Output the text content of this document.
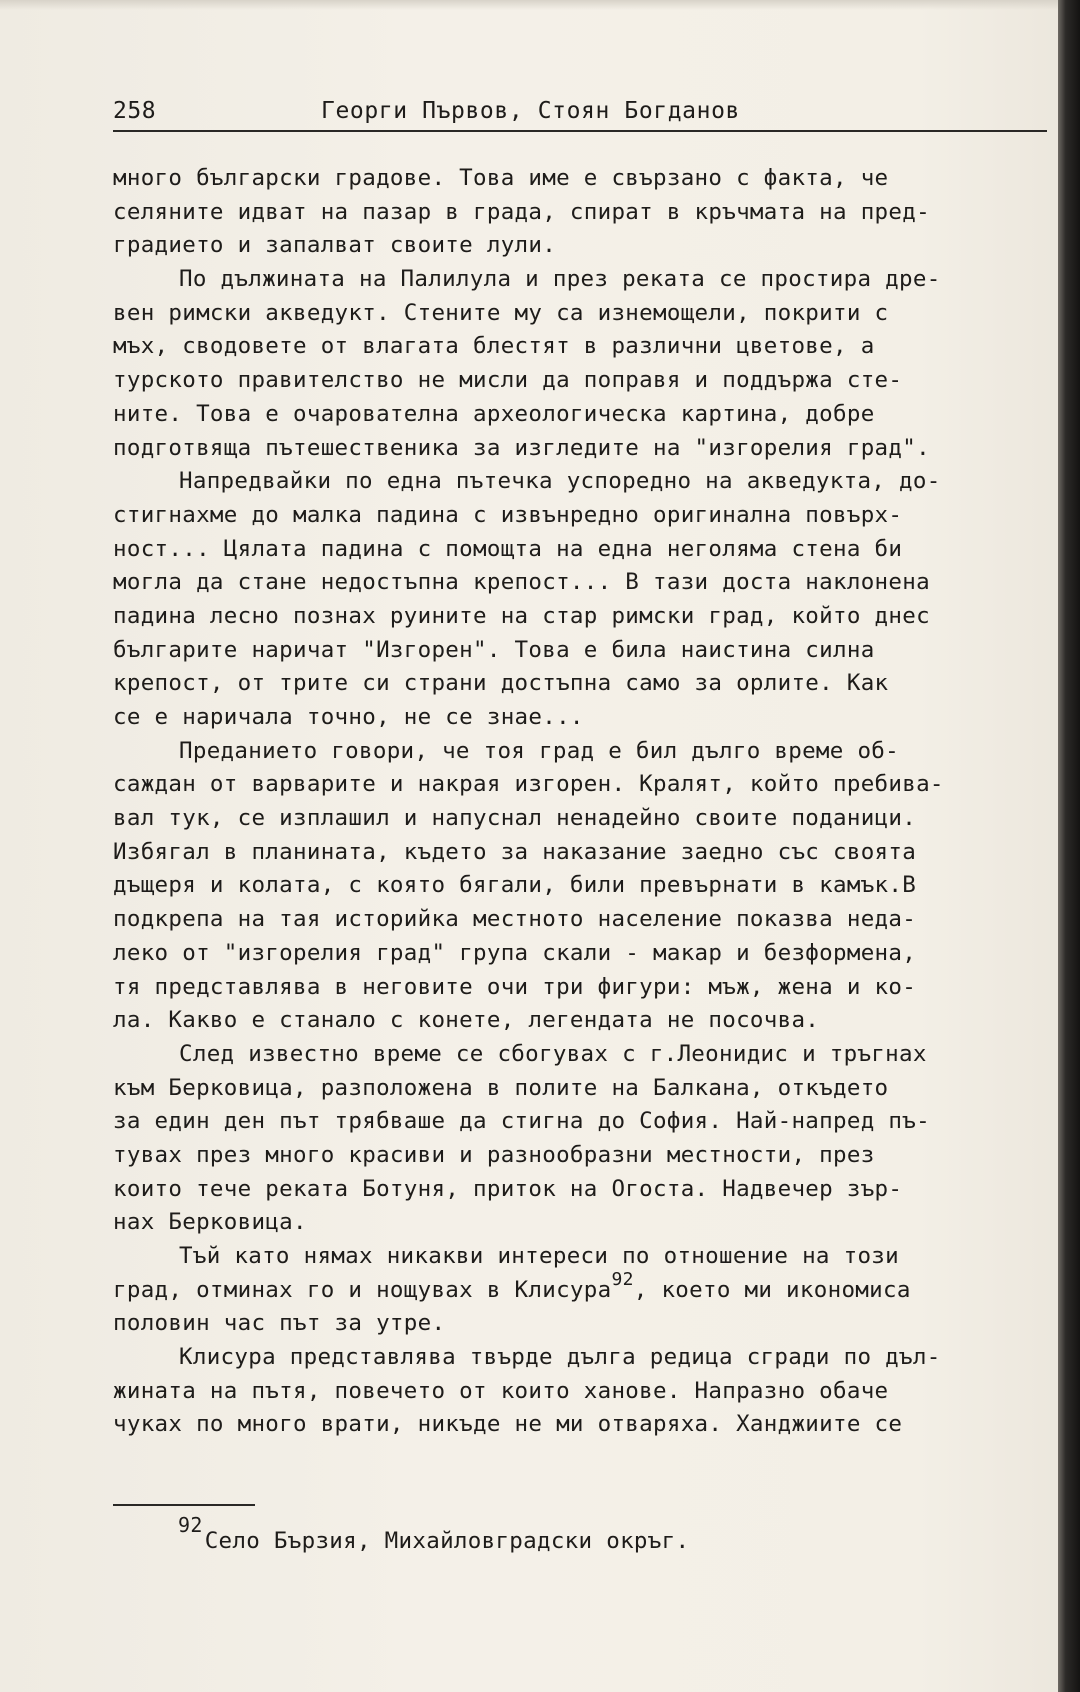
258	Георги Първов, Стоян Богданов
много български градове. Това име е свързано с факта, че
селяните идват на пазар в града, спират в кръчмата на пред-
градието и запалват своите лули.
По дължината на Палилула и през реката се простира дре-
вен римски акведукт. Стените му са изнемощели, покрити с
мъх, сводовете от влагата блестят в различни цветове, а
турското правителство не мисли да поправя и поддържа сте-
ните. Това е очарователна археологическа картина, добре
подготвяща пътешественика за изгледите на "изгорелия град".
Напредвайки по една пътечка успоредно на акведукта, до-
стигнахме до малка падина с извънредно оригинална повърх-
ност... Цялата падина с помощта на една неголяма стена би
могла да стане недостъпна крепост... В тази доста наклонена
падина лесно познах руините на стар римски град, който днес
българите наричат "Изгорен". Това е била наистина силна
крепост, от трите си страни достъпна само за орлите. Как
се е наричала точно, не се знае...
Преданието говори, че тоя град е бил дълго време об-
саждан от варварите и накрая изгорен. Кралят, който пребива-
вал тук, се изплашил и напуснал ненадейно своите поданици.
Избягал в планината, където за наказание заедно със своята
дъщеря и колата, с която бягали, били превърнати в камък.В
подкрепа на тая историйка местното население показва неда-
леко от "изгорелия град" група скали - макар и безформена,
тя представлява в неговите очи три фигури: мъж, жена и ко-
ла. Какво е станало с конете, легендата не посочва.
След известно време се сбогувах с г.Леонидис и тръгнах
към Берковица, разположена в полите на Балкана, откъдето
за един ден път трябваше да стигна до София. Най-напред пъ-
тувах през много красиви и разнообразни местности, през
които тече реката Ботуня, приток на Огоста. Надвечер зър-
нах Берковица.
Тъй като нямах никакви интереси по отношение на този
град, отминах го и нощувах в Клисура$^{92}$, което ми икономиса
половин час път за утре.
Клисура представлява твърде дълга редица сгради по дъл-
жината на пътя, повечето от които ханове. Напразно обаче
чуках по много врати, никъде не ми отваряха. Ханджиите се
92Село Бързия, Михайловградски окръг.
